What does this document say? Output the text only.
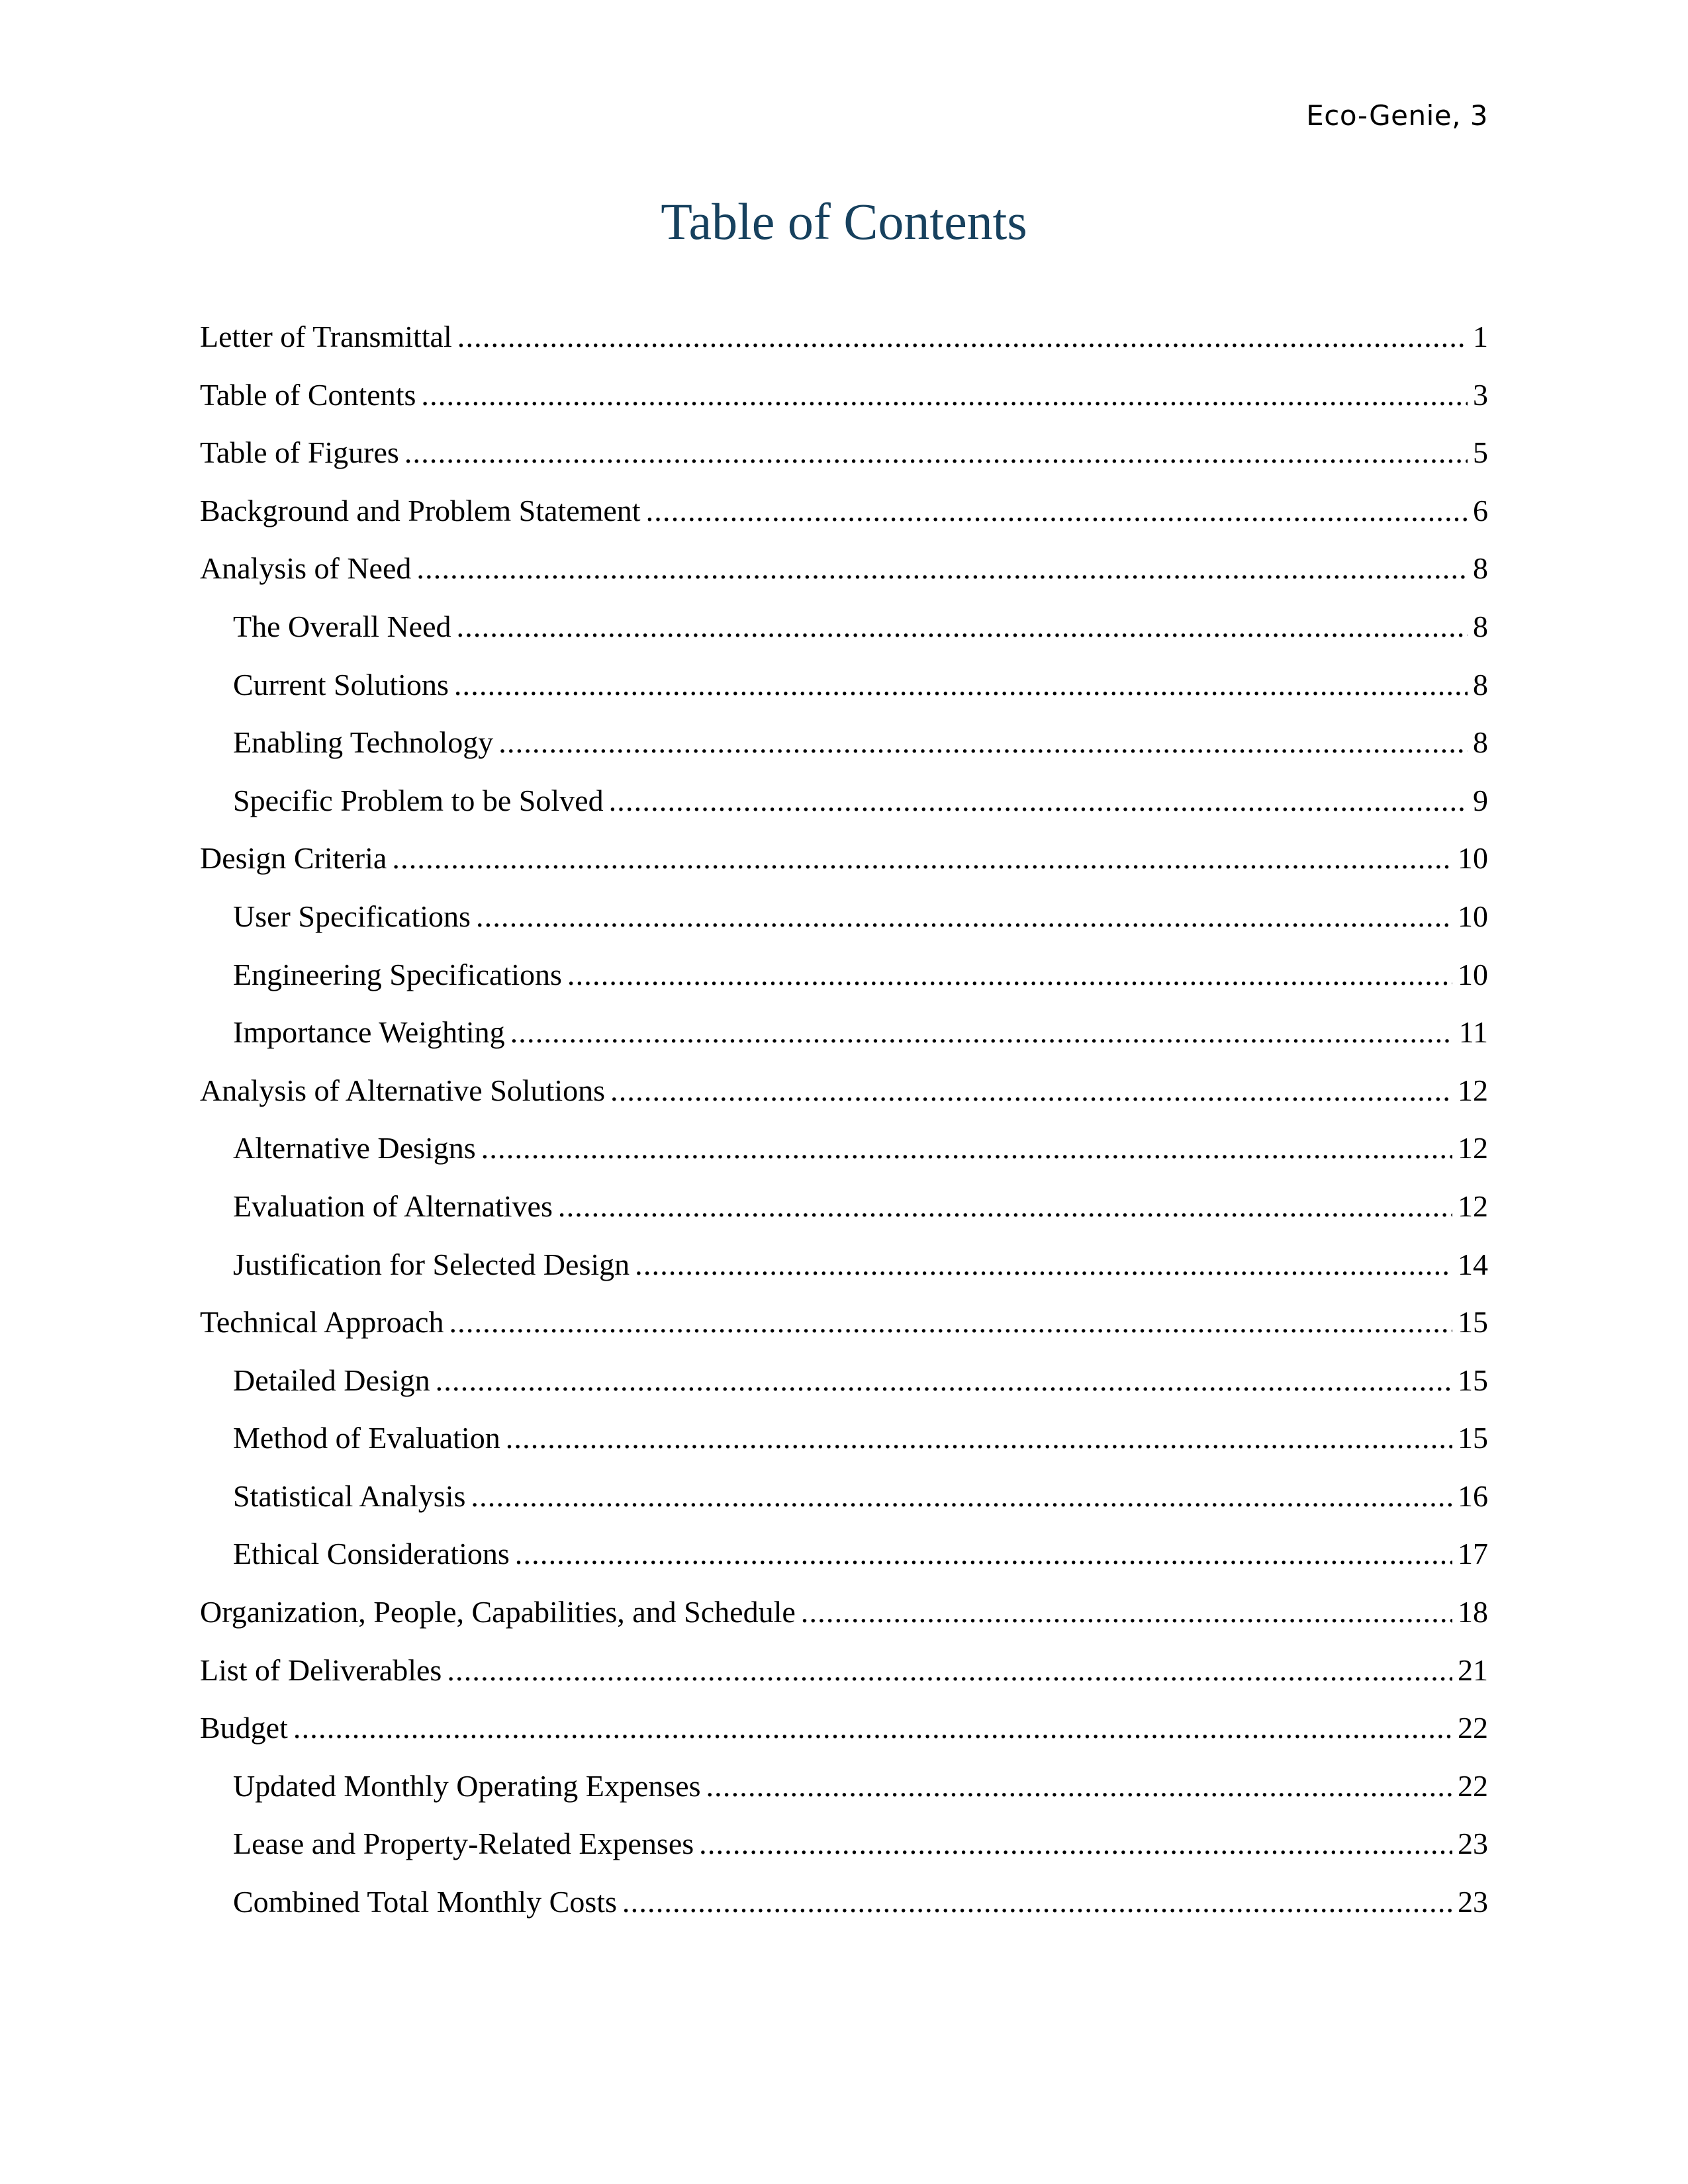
Eco-Genie, 3
Table of Contents
Letter of Transmittal .....	1
Table of Contents .....	3
Table of Figures .....	5
Background and Problem Statement .....	6
Analysis of Need .....	8
The Overall Need .....	8
Current Solutions .....	8
Enabling Technology .....	8
Specific Problem to be Solved .....	9
Design Criteria .....	10
User Specifications .....	10
Engineering Specifications .....	10
Importance Weighting .....	11
Analysis of Alternative Solutions .....	12
Alternative Designs .....	12
Evaluation of Alternatives .....	12
Justification for Selected Design .....	14
Technical Approach .....	15
Detailed Design .....	15
Method of Evaluation .....	15
Statistical Analysis .....	16
Ethical Considerations .....	17
Organization, People, Capabilities, and Schedule .....	18
List of Deliverables .....	21
Budget .....	22
Updated Monthly Operating Expenses .....	22
Lease and Property-Related Expenses .....	23
Combined Total Monthly Costs .....	23
